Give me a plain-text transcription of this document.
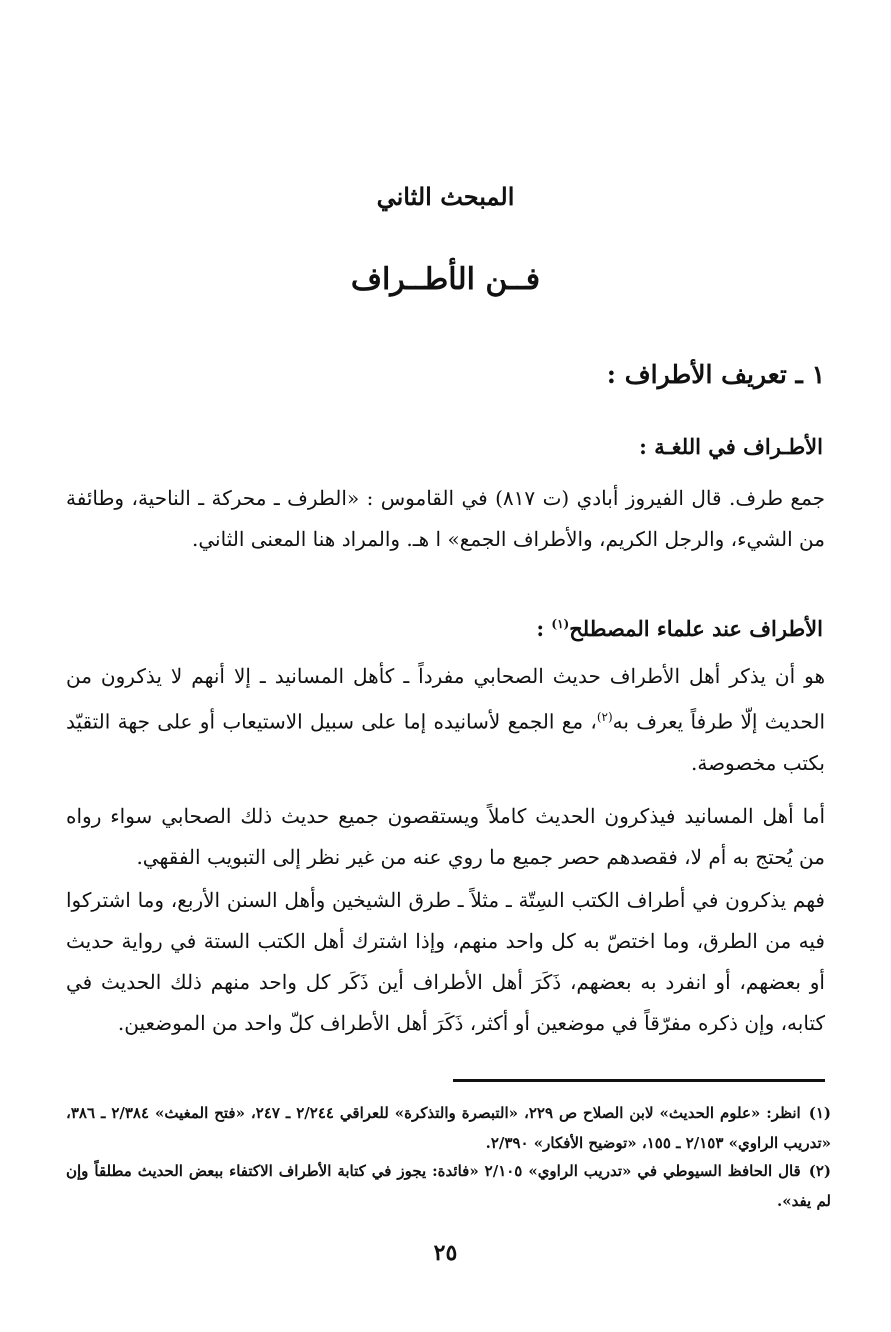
المبحث الثاني
فــن الأطــراف
١ ـ تعريف الأطراف :
الأطـراف في اللغـة :
جمع طرف. قال الفيروز أبادي (ت ٨١٧) في القاموس : «الطرف ـ محركة ـ الناحية، وطائفة من الشيء، والرجل الكريم، والأطراف الجمع» ا هـ. والمراد هنا المعنى الثاني.
الأطراف عند علماء المصطلح$^{(١)}$ :
هو أن يذكر أهل الأطراف حديث الصحابي مفرداً ـ كأهل المسانيد ـ إلا أنهم لا يذكرون من الحديث إلّا طرفاً يعرف به$^{(٢)}$، مع الجمع لأسانيده إما على سبيل الاستيعاب أو على جهة التقيّد بكتب مخصوصة.
أما أهل المسانيد فيذكرون الحديث كاملاً ويستقصون جميع حديث ذلك الصحابي سواء رواه من يُحتج به أم لا، فقصدهم حصر جميع ما روي عنه من غير نظر إلى التبويب الفقهي.
فهم يذكرون في أطراف الكتب السِتّة ـ مثلاً ـ طرق الشيخين وأهل السنن الأربع، وما اشتركوا فيه من الطرق، وما اختصّ به كل واحد منهم، وإذا اشترك أهل الكتب الستة في رواية حديث أو بعضهم، أو انفرد به بعضهم، ذَكَرَ أهل الأطراف أين ذَكَر كل واحد منهم ذلك الحديث في كتابه، وإن ذكره مفرّقاً في موضعين أو أكثر، ذَكَرَ أهل الأطراف كلّ واحد من الموضعين.
(١)انظر: «علوم الحديث» لابن الصلاح ص ٢٢٩، «التبصرة والتذكرة» للعراقي ٢/٢٤٤ ـ ٢٤٧، «فتح المغيث» ٢/٣٨٤ ـ ٣٨٦، «تدريب الراوي» ٢/١٥٣ ـ ١٥٥، «توضيح الأفكار» ٢/٣٩٠.
(٢)قال الحافظ السيوطي في «تدريب الراوي» ٢/١٠٥ «فائدة: يجوز في كتابة الأطراف الاكتفاء ببعض الحديث مطلقاً وإن لم يفد».
٢٥
